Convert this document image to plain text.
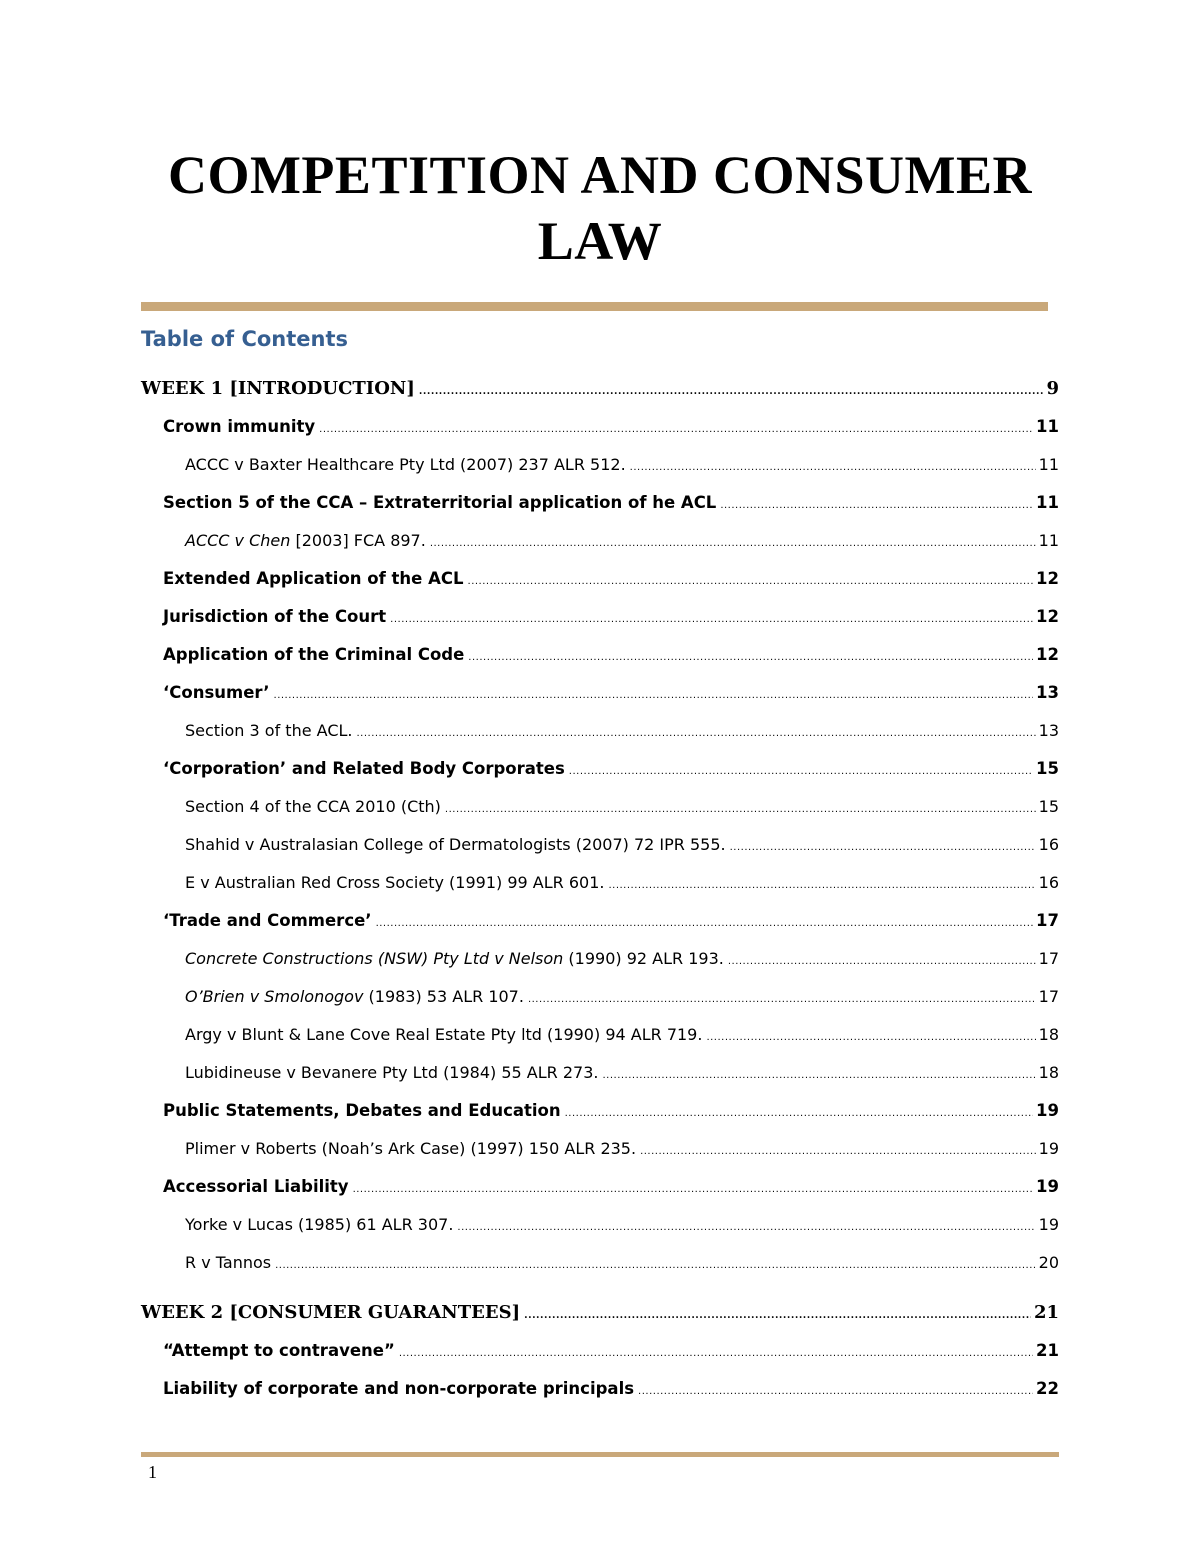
COMPETITION AND CONSUMER LAW
Table of Contents
WEEK 1 [INTRODUCTION] .....	9
Crown immunity .....	11
ACCC v Baxter Healthcare Pty Ltd (2007) 237 ALR 512. .....	11
Section 5 of the CCA – Extraterritorial application of he ACL .....	11
ACCC v Chen [2003] FCA 897. .....	11
Extended Application of the ACL .....	12
Jurisdiction of the Court .....	12
Application of the Criminal Code .....	12
‘Consumer’ .....	13
Section 3 of the ACL. .....	13
‘Corporation’ and Related Body Corporates .....	15
Section 4 of the CCA 2010 (Cth) .....	15
Shahid v Australasian College of Dermatologists (2007) 72 IPR 555. .....	16
E v Australian Red Cross Society (1991) 99 ALR 601. .....	16
‘Trade and Commerce’ .....	17
Concrete Constructions (NSW) Pty Ltd v Nelson (1990) 92 ALR 193. .....	17
O’Brien v Smolonogov (1983) 53 ALR 107. .....	17
Argy v Blunt & Lane Cove Real Estate Pty ltd (1990) 94 ALR 719. .....	18
Lubidineuse v Bevanere Pty Ltd (1984) 55 ALR 273. .....	18
Public Statements, Debates and Education .....	19
Plimer v Roberts (Noah’s Ark Case) (1997) 150 ALR 235. .....	19
Accessorial Liability .....	19
Yorke v Lucas (1985) 61 ALR 307. .....	19
R v Tannos .....	20
WEEK 2 [CONSUMER GUARANTEES] .....	21
“Attempt to contravene” .....	21
Liability of corporate and non-corporate principals .....	22
1
